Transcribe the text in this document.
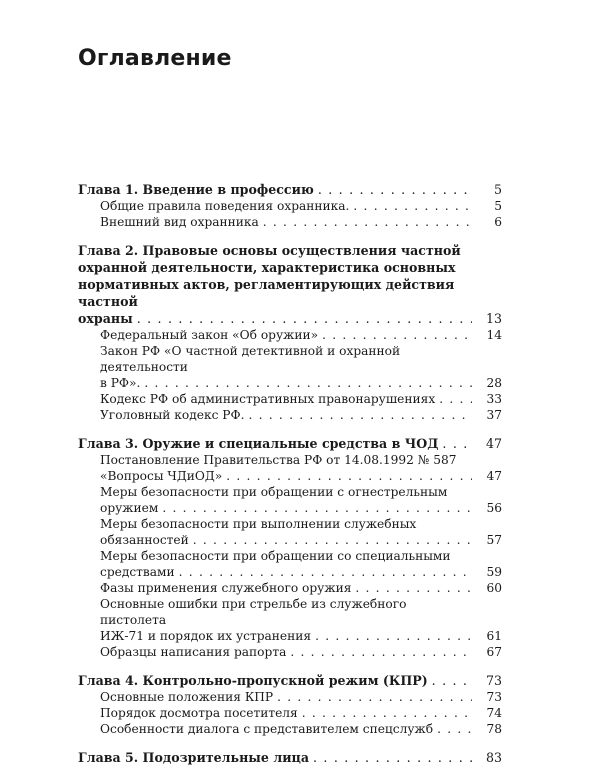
Оглавление
Глава 1. Введение в профессию	5
. . .
Общие правила поведения охранника.	5
. . .
Внешний вид охранника	6
. . .
Глава 2. Правовые основы осуществления частной
охранной деятельности, характеристика основных
нормативных актов, регламентирующих действия частной
охраны	13
. . .
Федеральный закон «Об оружии»	14
. . .
Закон РФ «О частной детективной и охранной деятельности
в РФ».	28
. . .
Кодекс РФ об административных правонарушениях	33
. . .
Уголовный кодекс РФ.	37
. . .
Глава 3. Оружие и специальные средства в ЧОД	47
. . .
Постановление Правительства РФ от 14.08.1992 № 587
«Вопросы ЧДиОД»	47
. . .
Меры безопасности при обращении с огнестрельным
оружием	56
. . .
Меры безопасности при выполнении служебных
обязанностей	57
. . .
Меры безопасности при обращении со специальными
средствами	59
. . .
Фазы применения служебного оружия	60
. . .
Основные ошибки при стрельбе из служебного пистолета
ИЖ-71 и порядок их устранения	61
. . .
Образцы написания рапорта	67
. . .
Глава 4. Контрольно-пропускной режим (КПР)	73
. . .
Основные положения КПР	73
. . .
Порядок досмотра посетителя	74
. . .
Особенности диалога с представителем спецслужб	78
. . .
Глава 5. Подозрительные лица	83
. . .
